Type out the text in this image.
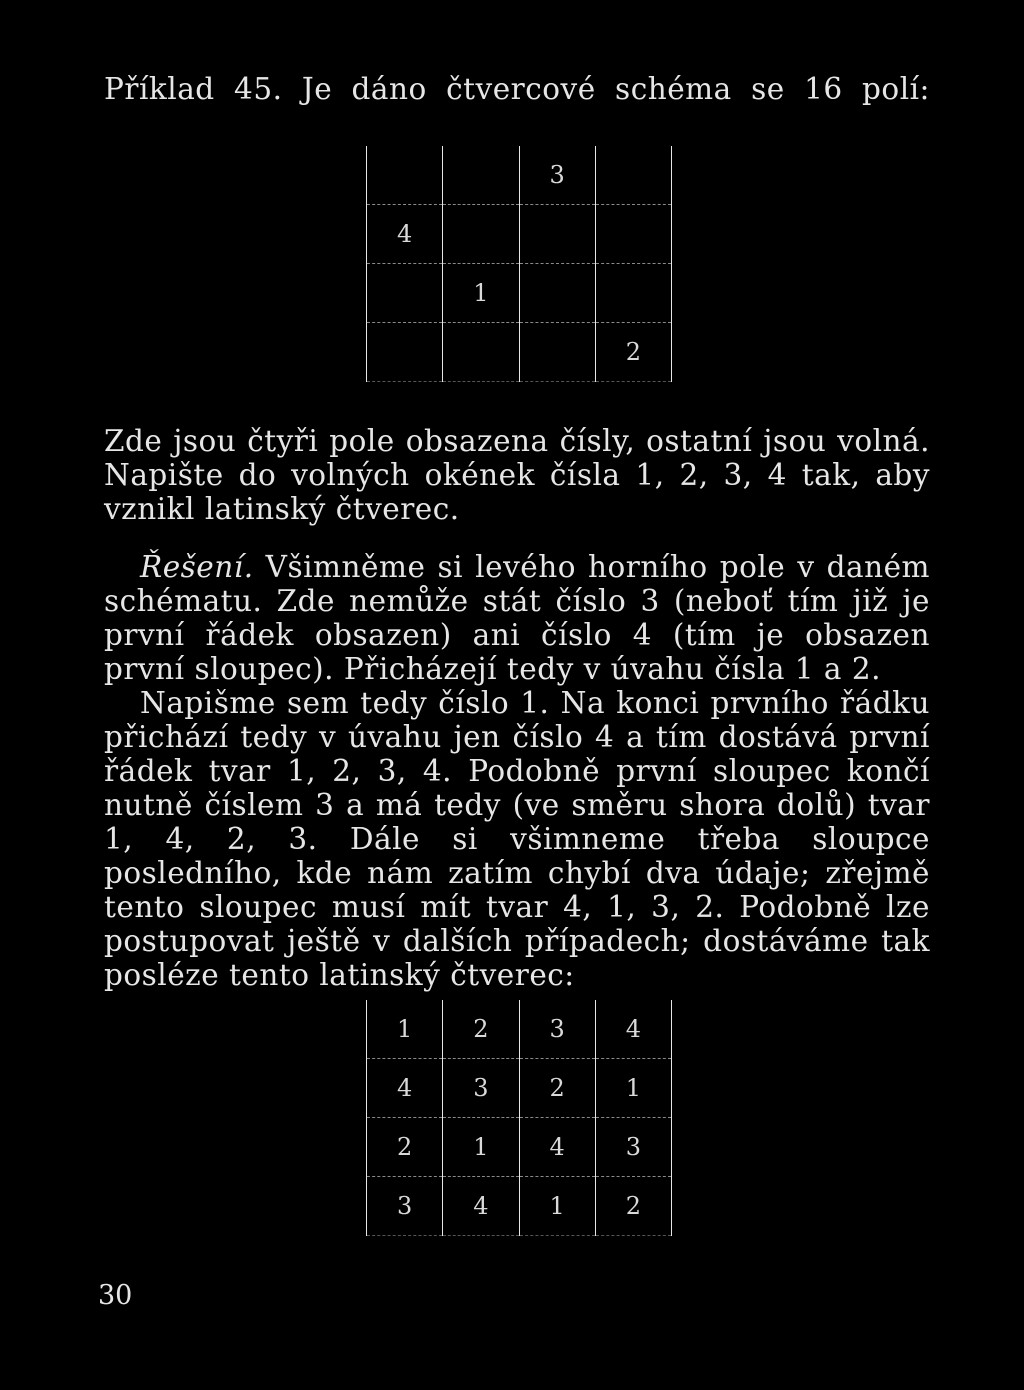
Příklad 45. Je dáno čtvercové schéma se 16 polí:
		3	
4			
	1		
			2
Zde jsou čtyři pole obsazena čísly, ostatní jsou volná. Napište do volných okének čísla 1, 2, 3, 4 tak, aby vznikl latinský čtverec.
Řešení. Všimněme si levého horního pole v daném schématu. Zde nemůže stát číslo 3 (neboť tím již je první řádek obsazen) ani číslo 4 (tím je obsazen první sloupec). Přicházejí tedy v úvahu čísla 1 a 2.
Napišme sem tedy číslo 1. Na konci prvního řádku přichází tedy v úvahu jen číslo 4 a tím dostává první řádek tvar 1, 2, 3, 4. Podobně první sloupec končí nutně číslem 3 a má tedy (ve směru shora dolů) tvar 1, 4, 2, 3. Dále si všimneme třeba sloupce posledního, kde nám zatím chybí dva údaje; zřejmě tento sloupec musí mít tvar 4, 1, 3, 2. Podobně lze postupovat ještě v dalších případech; dostáváme tak posléze tento latinský čtverec:
1	2	3	4
4	3	2	1
2	1	4	3
3	4	1	2
30
